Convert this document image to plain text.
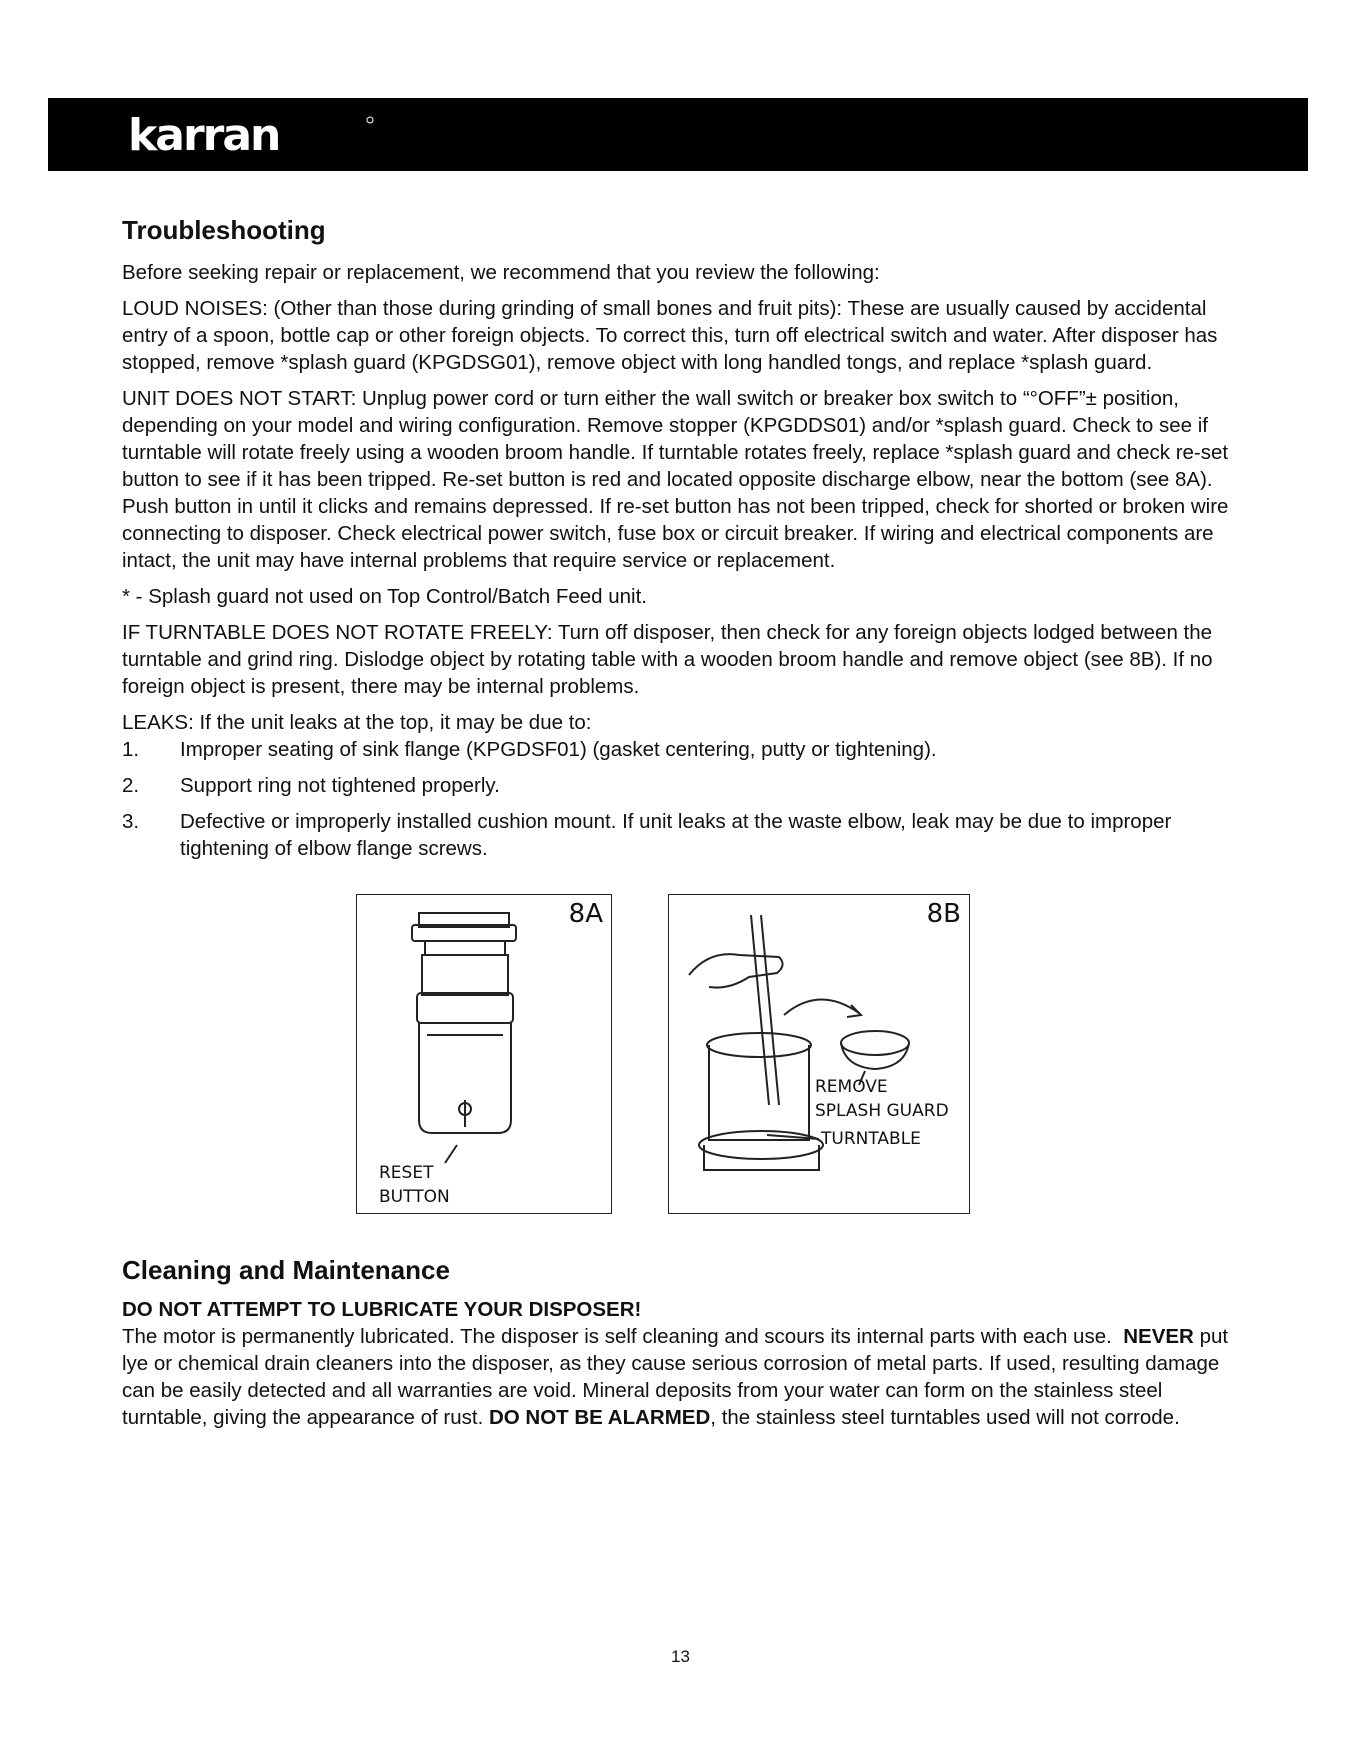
karran
Troubleshooting

Before seeking repair or replacement, we recommend that you review the following:

LOUD NOISES: (Other than those during grinding of small bones and fruit pits): These are usually caused by accidental entry of a spoon, bottle cap or other foreign objects. To correct this, turn off electrical switch and water. After disposer has stopped, remove *splash guard (KPGDSG01), remove object with long handled tongs, and replace *splash guard.

UNIT DOES NOT START: Unplug power cord or turn either the wall switch or breaker box switch to “°OFF”± position, depending on your model and wiring configuration. Remove stopper (KPGDDS01) and/or *splash guard. Check to see if turntable will rotate freely using a wooden broom handle. If turntable rotates freely, replace *splash guard and check re-set button to see if it has been tripped. Re-set button is red and located opposite discharge elbow, near the bottom (see 8A). Push button in until it clicks and remains depressed. If re-set button has not been tripped, check for shorted or broken wire connecting to disposer. Check electrical power switch, fuse box or circuit breaker. If wiring and electrical components are intact, the unit may have internal problems that require service or replacement.

* - Splash guard not used on Top Control/Batch Feed unit.

IF TURNTABLE DOES NOT ROTATE FREELY: Turn off disposer, then check for any foreign objects lodged between the turntable and grind ring. Dislodge object by rotating table with a wooden broom handle and remove object (see 8B). If no foreign object is present, there may be internal problems.

LEAKS: If the unit leaks at the top, it may be due to:

1. Improper seating of sink flange (KPGDSF01) (gasket centering, putty or tightening).
2. Support ring not tightened properly.
3. Defective or improperly installed cushion mount. If unit leaks at the waste elbow, leak may be due to improper tightening of elbow flange screws.
8A
RESET
BUTTON
8B
REMOVE
SPLASH GUARD
TURNTABLE
Cleaning and Maintenance
DO NOT ATTEMPT TO LUBRICATE YOUR DISPOSER!

The motor is permanently lubricated. The disposer is self cleaning and scours its internal parts with each use. NEVER put lye or chemical drain cleaners into the disposer, as they cause serious corrosion of metal parts. If used, resulting damage can be easily detected and all warranties are void. Mineral deposits from your water can form on the stainless steel turntable, giving the appearance of rust. DO NOT BE ALARMED, the stainless steel turntables used will not corrode.

13
